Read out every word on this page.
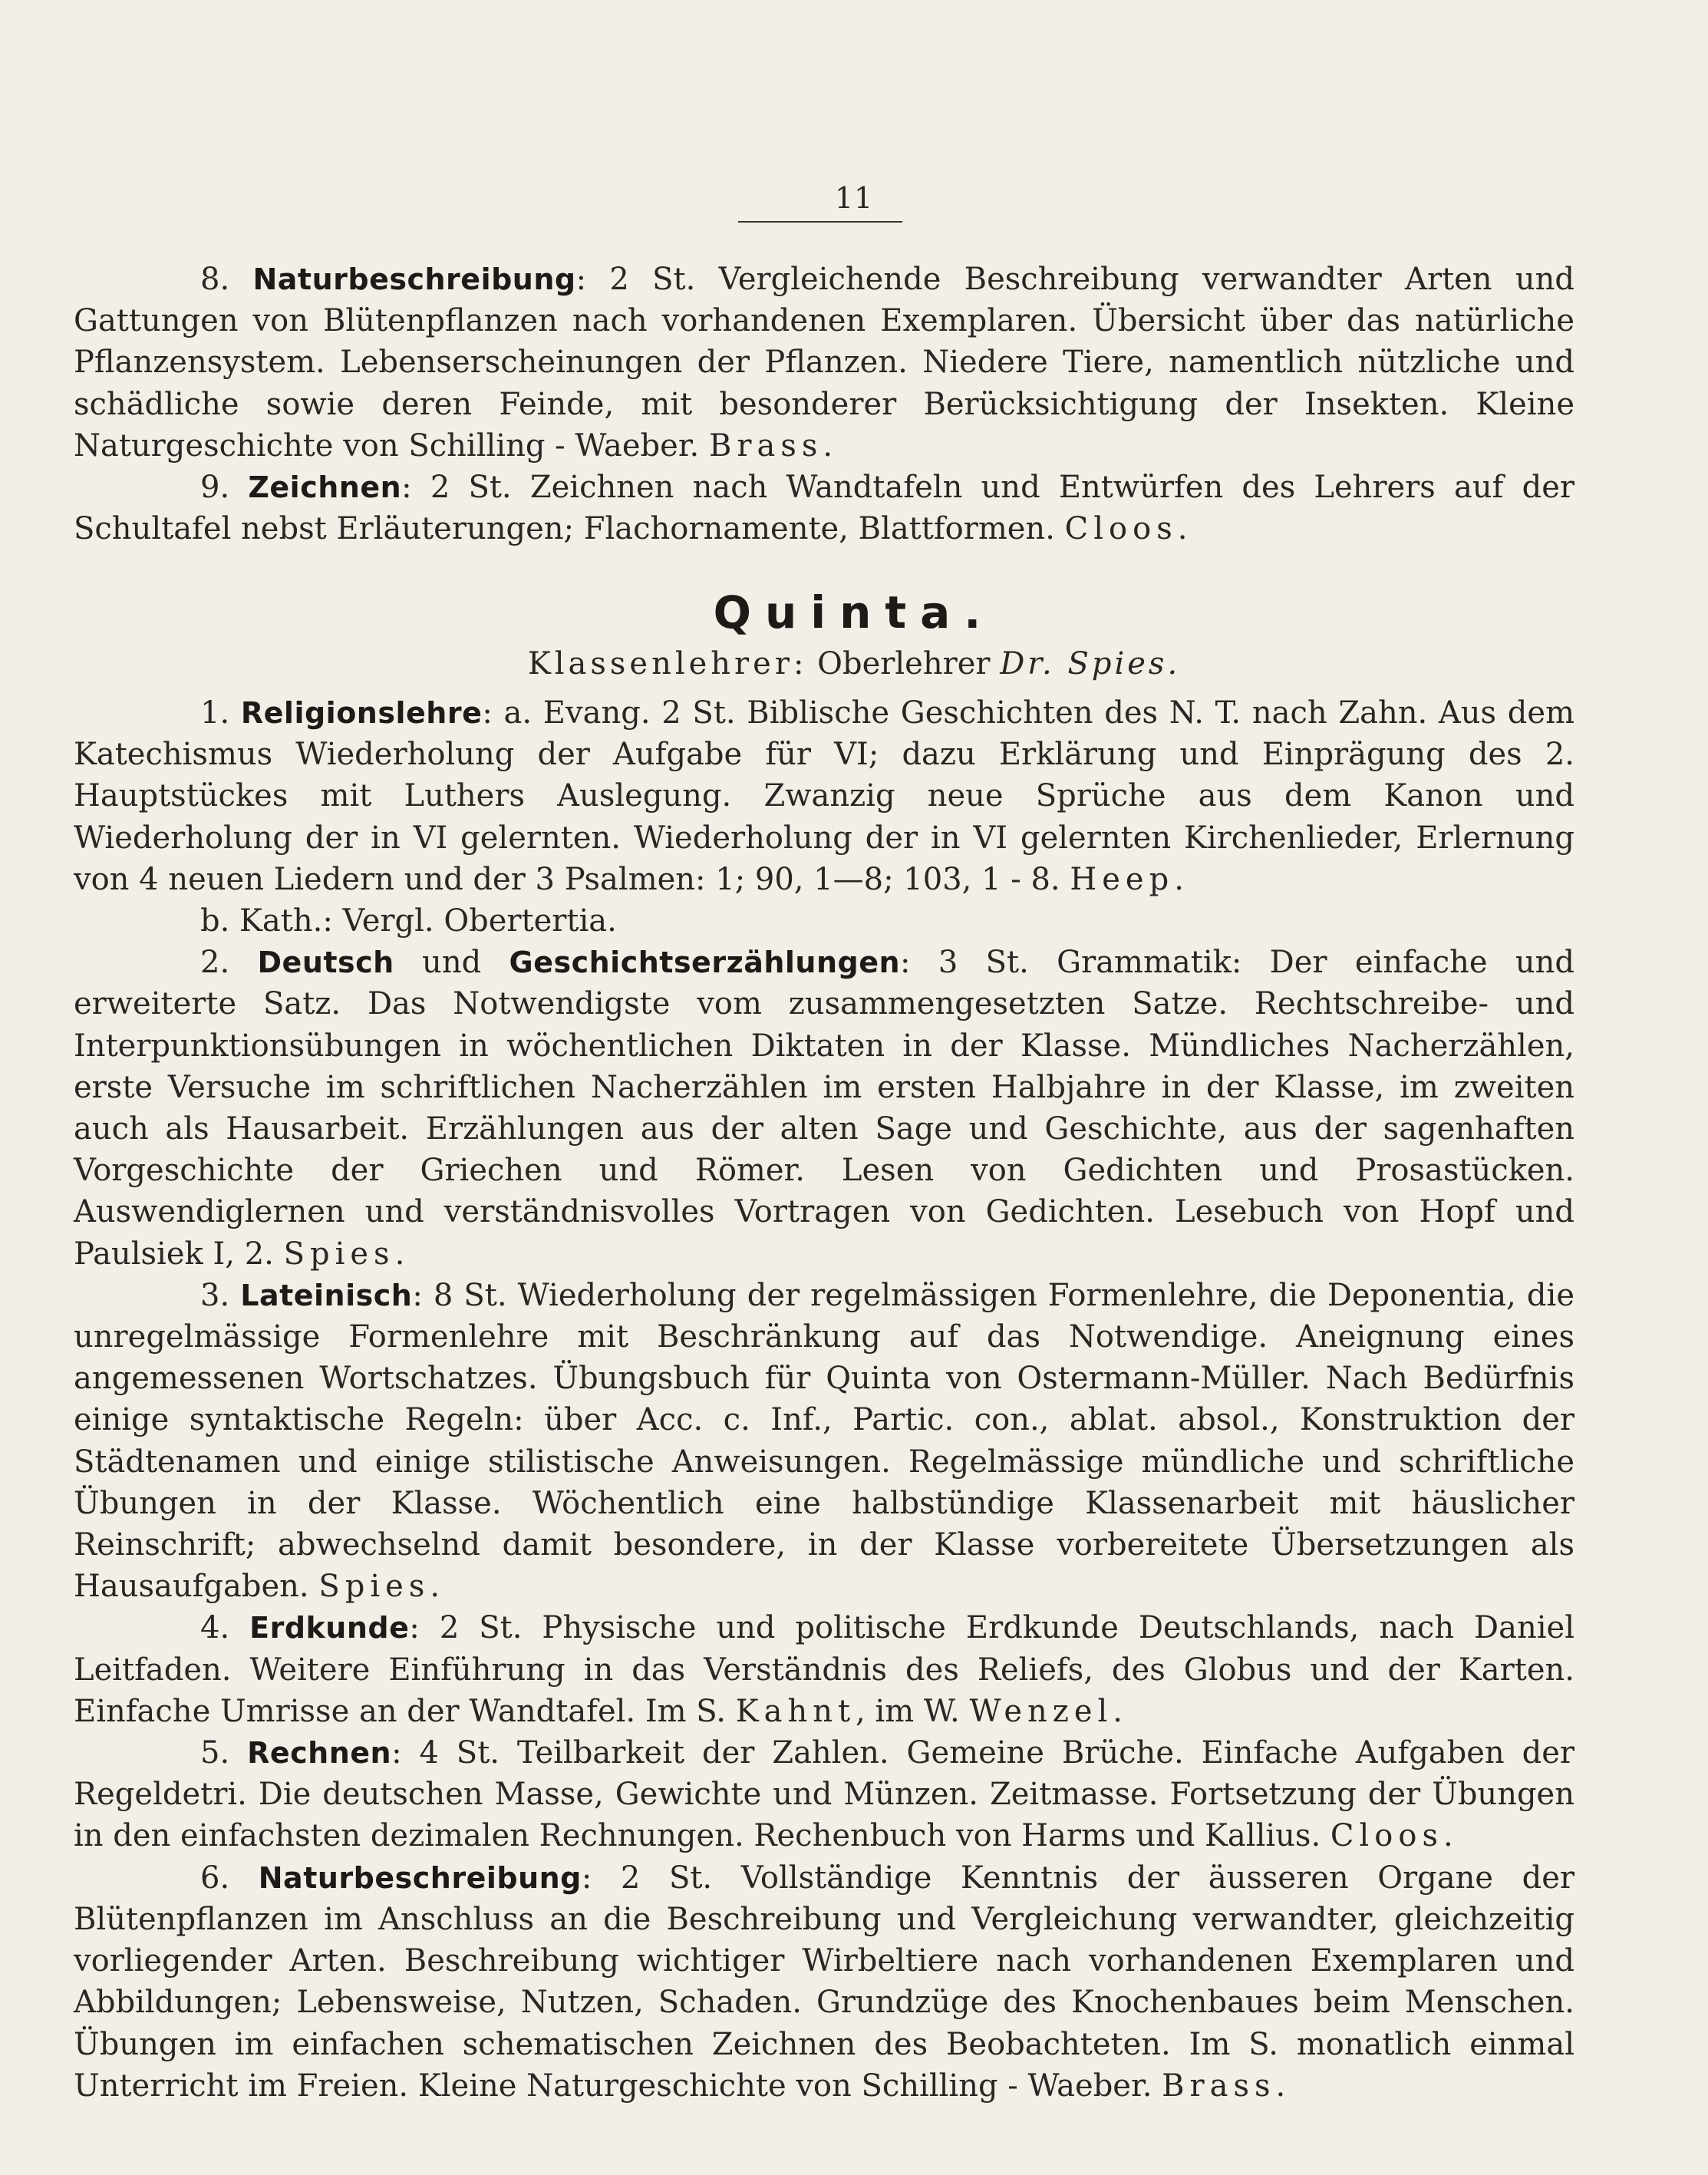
11

8. Naturbeschreibung: 2 St. Vergleichende Beschreibung verwandter Arten und Gattungen von Blütenpflanzen nach vorhandenen Exemplaren. Übersicht über das natürliche Pflanzensystem. Lebenserscheinungen der Pflanzen. Niedere Tiere, namentlich nützliche und schädliche sowie deren Feinde, mit besonderer Berücksichtigung der Insekten. Kleine Naturgeschichte von Schilling - Waeber. Brass.

9. Zeichnen: 2 St. Zeichnen nach Wandtafeln und Entwürfen des Lehrers auf der Schultafel nebst Erläuterungen; Flachornamente, Blattformen. Cloos.

Quinta.
Klassenlehrer: Oberlehrer Dr. Spies.

1. Religionslehre: a. Evang. 2 St. Biblische Geschichten des N. T. nach Zahn. Aus dem Katechismus Wiederholung der Aufgabe für VI; dazu Erklärung und Einprägung des 2. Hauptstückes mit Luthers Auslegung. Zwanzig neue Sprüche aus dem Kanon und Wiederholung der in VI gelernten. Wiederholung der in VI gelernten Kirchenlieder, Erlernung von 4 neuen Liedern und der 3 Psalmen: 1; 90, 1—8; 103, 1 - 8. Heep.

b. Kath.: Vergl. Obertertia.

2. Deutsch und Geschichtserzählungen: 3 St. Grammatik: Der einfache und erweiterte Satz. Das Notwendigste vom zusammengesetzten Satze. Rechtschreibe- und Interpunktionsübungen in wöchentlichen Diktaten in der Klasse. Mündliches Nacherzählen, erste Versuche im schriftlichen Nacherzählen im ersten Halbjahre in der Klasse, im zweiten auch als Hausarbeit. Erzählungen aus der alten Sage und Geschichte, aus der sagenhaften Vorgeschichte der Griechen und Römer. Lesen von Gedichten und Prosastücken. Auswendiglernen und verständnisvolles Vortragen von Gedichten. Lesebuch von Hopf und Paulsiek I, 2. Spies.

3. Lateinisch: 8 St. Wiederholung der regelmässigen Formenlehre, die Deponentia, die unregelmässige Formenlehre mit Beschränkung auf das Notwendige. Aneignung eines angemessenen Wortschatzes. Übungsbuch für Quinta von Ostermann-Müller. Nach Bedürfnis einige syntaktische Regeln: über Acc. c. Inf., Partic. con., ablat. absol., Konstruktion der Städtenamen und einige stilistische Anweisungen. Regelmässige mündliche und schriftliche Übungen in der Klasse. Wöchentlich eine halbstündige Klassenarbeit mit häuslicher Reinschrift; abwechselnd damit besondere, in der Klasse vorbereitete Übersetzungen als Hausaufgaben. Spies.

4. Erdkunde: 2 St. Physische und politische Erdkunde Deutschlands, nach Daniel Leitfaden. Weitere Einführung in das Verständnis des Reliefs, des Globus und der Karten. Einfache Umrisse an der Wandtafel. Im S. Kahnt, im W. Wenzel.

5. Rechnen: 4 St. Teilbarkeit der Zahlen. Gemeine Brüche. Einfache Aufgaben der Regeldetri. Die deutschen Masse, Gewichte und Münzen. Zeitmasse. Fortsetzung der Übungen in den einfachsten dezimalen Rechnungen. Rechenbuch von Harms und Kallius. Cloos.

6. Naturbeschreibung: 2 St. Vollständige Kenntnis der äusseren Organe der Blütenpflanzen im Anschluss an die Beschreibung und Vergleichung verwandter, gleichzeitig vorliegender Arten. Beschreibung wichtiger Wirbeltiere nach vorhandenen Exemplaren und Abbildungen; Lebensweise, Nutzen, Schaden. Grundzüge des Knochenbaues beim Menschen. Übungen im einfachen schematischen Zeichnen des Beobachteten. Im S. monatlich einmal Unterricht im Freien. Kleine Naturgeschichte von Schilling - Waeber. Brass.
